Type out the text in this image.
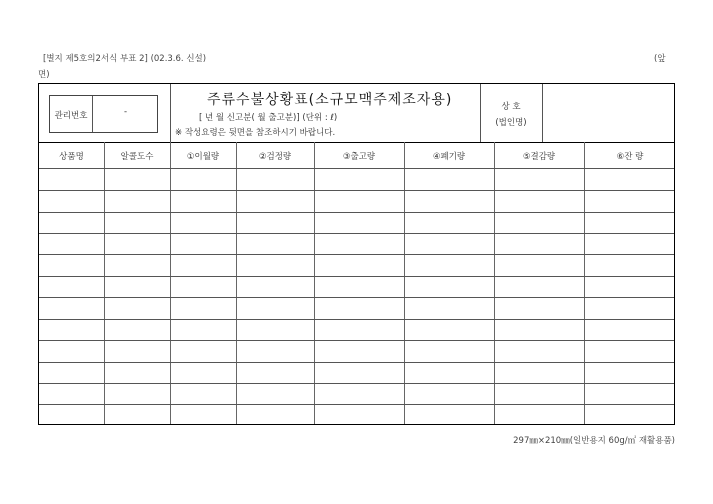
[별지 제5호의2서식 부표 2] (02.3.6. 신설)	(앞
면)
관리번호	-
주류수불상황표(소규모맥주제조자용)
[ 년 월 신고분( 월 출고분)] (단위 : ℓ)
※ 작성요령은 뒷면을 참조하시기 바랍니다.
상 호
(법인명)
상품명	알콜도수	①이월량	②검정량	③출고량	④폐기량	⑤결감량	⑥잔 량
297㎜×210㎜(일반용지 60g/㎡ 재활용품)
